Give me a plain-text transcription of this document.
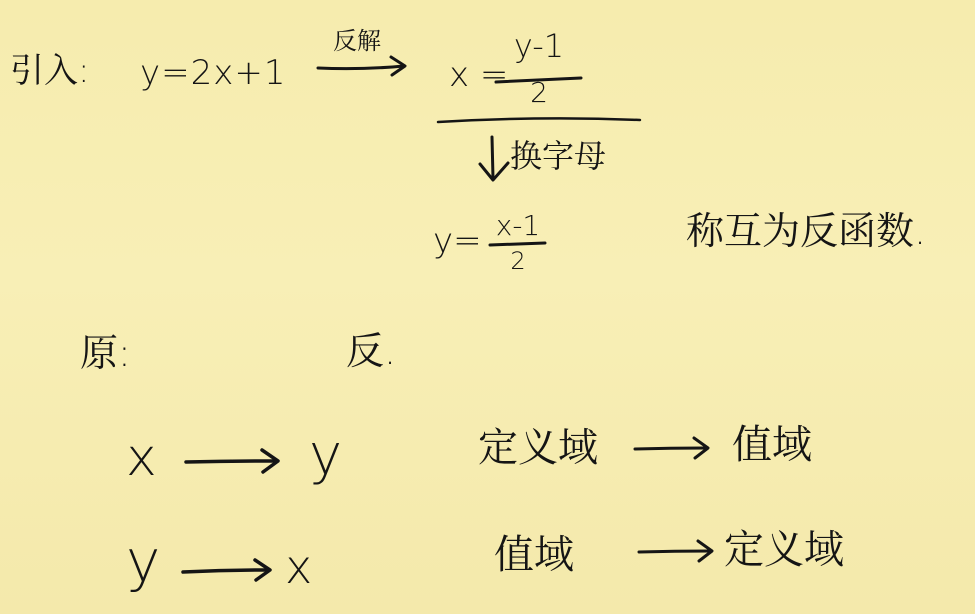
引入: y=2x+1
反解
x =
y-1
2
换字母
y= x-1
2
称互为反函数.
原:	反.
x	y	定义域	值域
y	x	值域	定义域
